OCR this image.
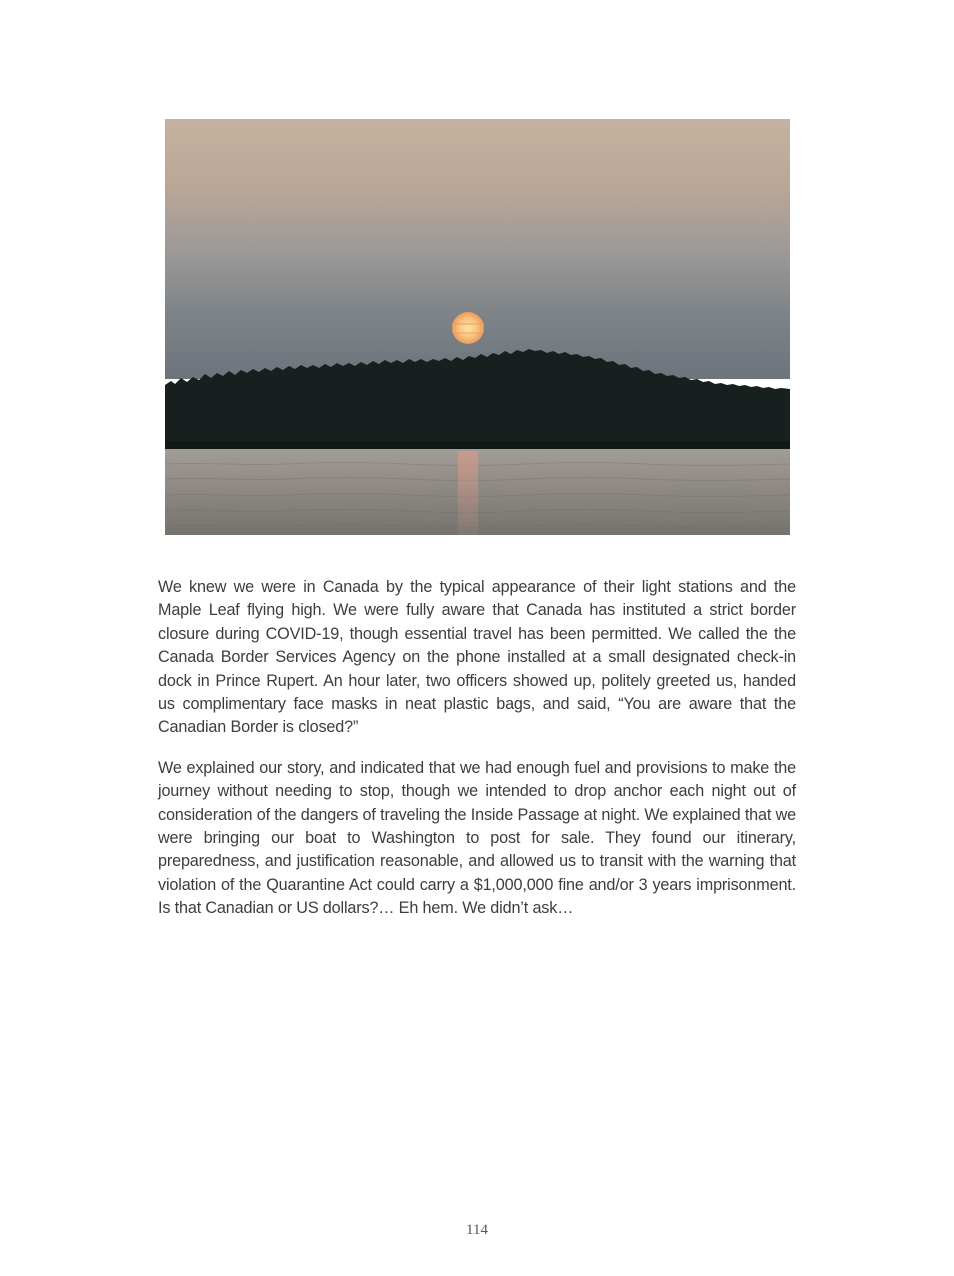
We knew we were in Canada by the typical appearance of their light stations and the Maple Leaf flying high. We were fully aware that Canada has instituted a strict border closure during COVID-19, though essential travel has been permitted. We called the the Canada Border Services Agency on the phone installed at a small designated check-in dock in Prince Rupert. An hour later, two officers showed up, politely greeted us, handed us complimentary face masks in neat plastic bags, and said, “You are aware that the Canadian Border is closed?”

We explained our story, and indicated that we had enough fuel and provisions to make the journey without needing to stop, though we intended to drop anchor each night out of consideration of the dangers of traveling the Inside Passage at night. We explained that we were bringing our boat to Washington to post for sale. They found our itinerary, preparedness, and justification reasonable, and allowed us to transit with the warning that violation of the Quarantine Act could carry a $1,000,000 fine and/or 3 years imprisonment. Is that Canadian or US dollars?… Eh hem. We didn’t ask…

114
